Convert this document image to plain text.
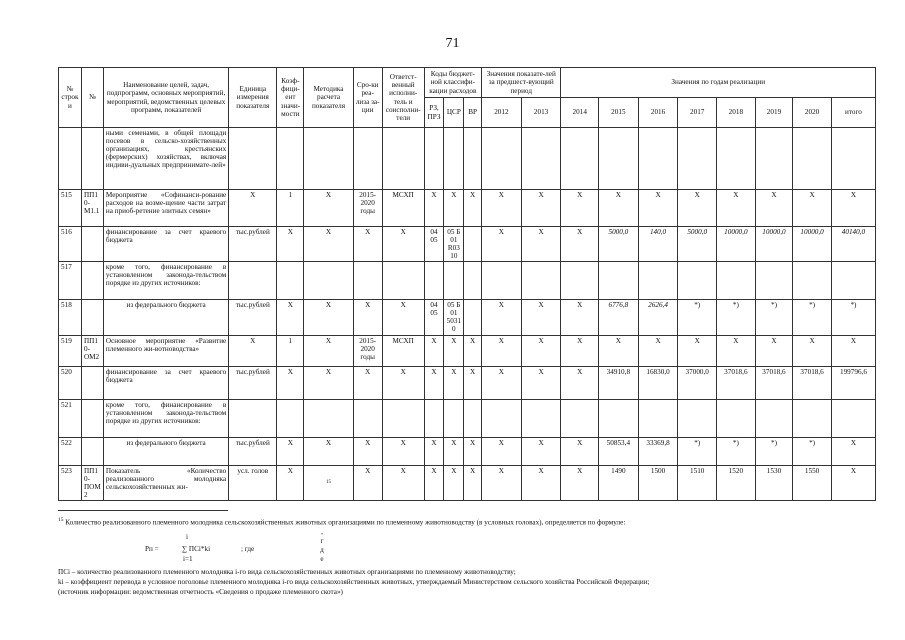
71
№ строки	№	Наименование целей, задач, подпрограмм, основных мероприятий, мероприятий, ведомственных целевых программ, показателей	Единица измерения показателя	Коэф-фици-ент значи-мости	Методика расчета показателя	Сро-ки реа-лиза за-ции	Ответст-венный исполни-тель и соисполни-тели	Коды бюджет-ной классифи-кации расходов			Значения показате-лей за предшест-вующий период		Значения по годам реализации							
								РЗ, ПРЗ	ЦСР	ВР	2012	2013	2014	2015	2016	2017	2018	2019	2020	итого
		ными семенами, в общей площади посевов в сельско-хозяйственных организациях, крестьянских (фермерских) хозяйствах, включая индиви-дуальных предпринимате-лей»																		
515	ПП10-М1.1	Мероприятие «Софинанси-рование расходов на возме-щение части затрат на приоб-ретение элитных семян»	Х	1	Х	2015-2020 годы	МСХП	Х	Х	Х	Х	Х	Х	Х	Х	Х	Х	Х	Х	Х
516		финансирование за счет краевого бюджета	тыс.рублей	Х	Х	Х	Х	04 05	05 Б 01 R0310		Х	Х	Х	5000,0	140,0	5000,0	10000,0	10000,0	10000,0	40140,0
517		кроме того, финансирование в установленном законода-тельством порядке из других источников:																		
518		из федерального бюджета	тыс.рублей	Х	Х	Х	Х	04 05	05 Б 01 50310		Х	Х	Х	6776,8	2626,4	*)	*)	*)	*)	*)
519	ПП10-ОМ2	Основное мероприятие «Развитие племенного жи-вотноводства»	Х	1	Х	2015-2020 годы	МСХП	Х	Х	Х	Х	Х	Х	Х	Х	Х	Х	Х	Х	Х
520		финансирование за счет краевого бюджета	тыс.рублей	Х	Х	Х	Х	Х	Х	Х	Х	Х	Х	34910,8	16830,0	37000,0	37018,6	37018,6	37018,6	199796,6
521		кроме того, финансирование в установленном законода-тельством порядке из других источников:																		
522		из федерального бюджета	тыс.рублей	Х	Х	Х	Х	Х	Х	Х	Х	Х	Х	50853,4	33369,8	*)	*)	*)	*)	Х
523	ПП10-ПОМ2	Показатель «Количество реализованного молодняка сельскохозяйственных жи-	усл. голов	Х	15	Х	Х	Х	Х	Х	Х	Х	Х	1490	1500	1510	1520	1530	1550	Х
$^{15}$ Количество реализованного племенного молодняка сельскохозяйственных животных организациями по племенному животноводству (в условных головах), определяется по формуле:
i
Рп =	∑ ПСi*ki	; где
i=1
,
г
д
е
ПСi – количество реализованного племенного молодняка i-го вида сельскохозяйственных животных организациями по племенному животноводству;
ki – коэффициент перевода в условное поголовье племенного молодняка i-го вида сельскохозяйственных животных, утверждаемый Министерством сельского хозяйства Российской Федерации;
(источник информации: ведомственная отчетность «Сведения о продаже племенного скота»)
